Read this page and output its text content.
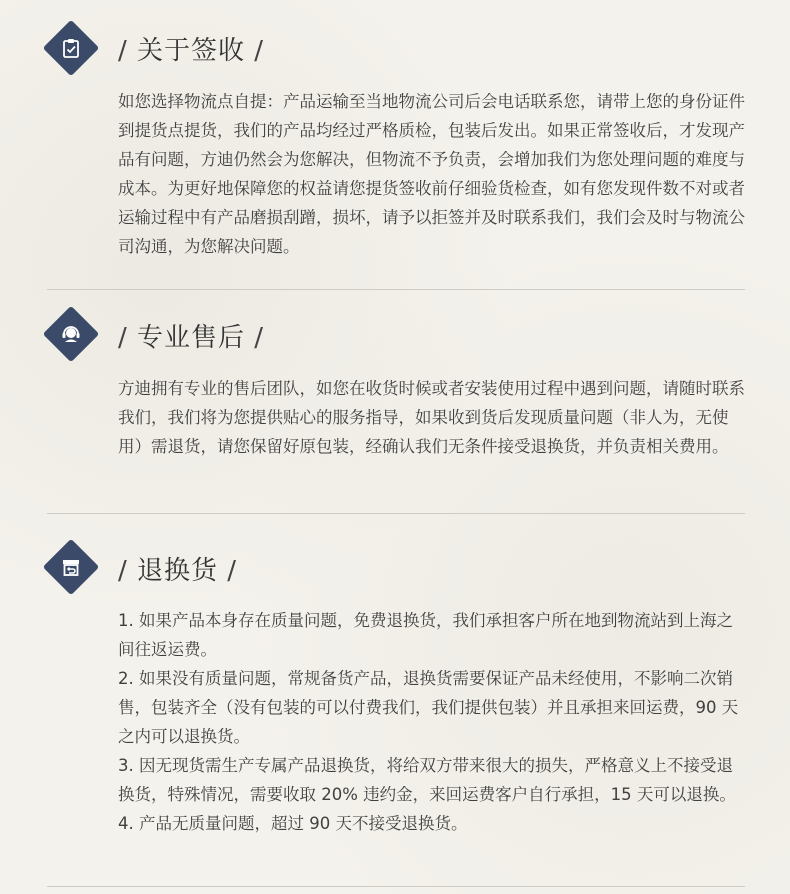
/ 关于签收 /

如您选择物流点自提：产品运输至当地物流公司后会电话联系您，请带上您的身份证件到提货点提货，我们的产品均经过严格质检，包装后发出。如果正常签收后，才发现产品有问题，方迪仍然会为您解决，但物流不予负责，会增加我们为您处理问题的难度与成本。为更好地保障您的权益请您提货签收前仔细验货检查，如有您发现件数不对或者运输过程中有产品磨损刮蹭，损坏，请予以拒签并及时联系我们，我们会及时与物流公司沟通，为您解决问题。

/ 专业售后 /

方迪拥有专业的售后团队，如您在收货时候或者安装使用过程中遇到问题，请随时联系我们，我们将为您提供贴心的服务指导，如果收到货后发现质量问题（非人为，无使用）需退货，请您保留好原包装，经确认我们无条件接受退换货，并负责相关费用。

/ 退换货 /

1. 如果产品本身存在质量问题，免费退换货，我们承担客户所在地到物流站到上海之间往返运费。

2. 如果没有质量问题，常规备货产品，退换货需要保证产品未经使用，不影响二次销售，包装齐全（没有包装的可以付费我们，我们提供包装）并且承担来回运费，90 天之内可以退换货。

3. 因无现货需生产专属产品退换货，将给双方带来很大的损失，严格意义上不接受退换货，特殊情况，需要收取 20% 违约金，来回运费客户自行承担，15 天可以退换。

4. 产品无质量问题，超过 90 天不接受退换货。
